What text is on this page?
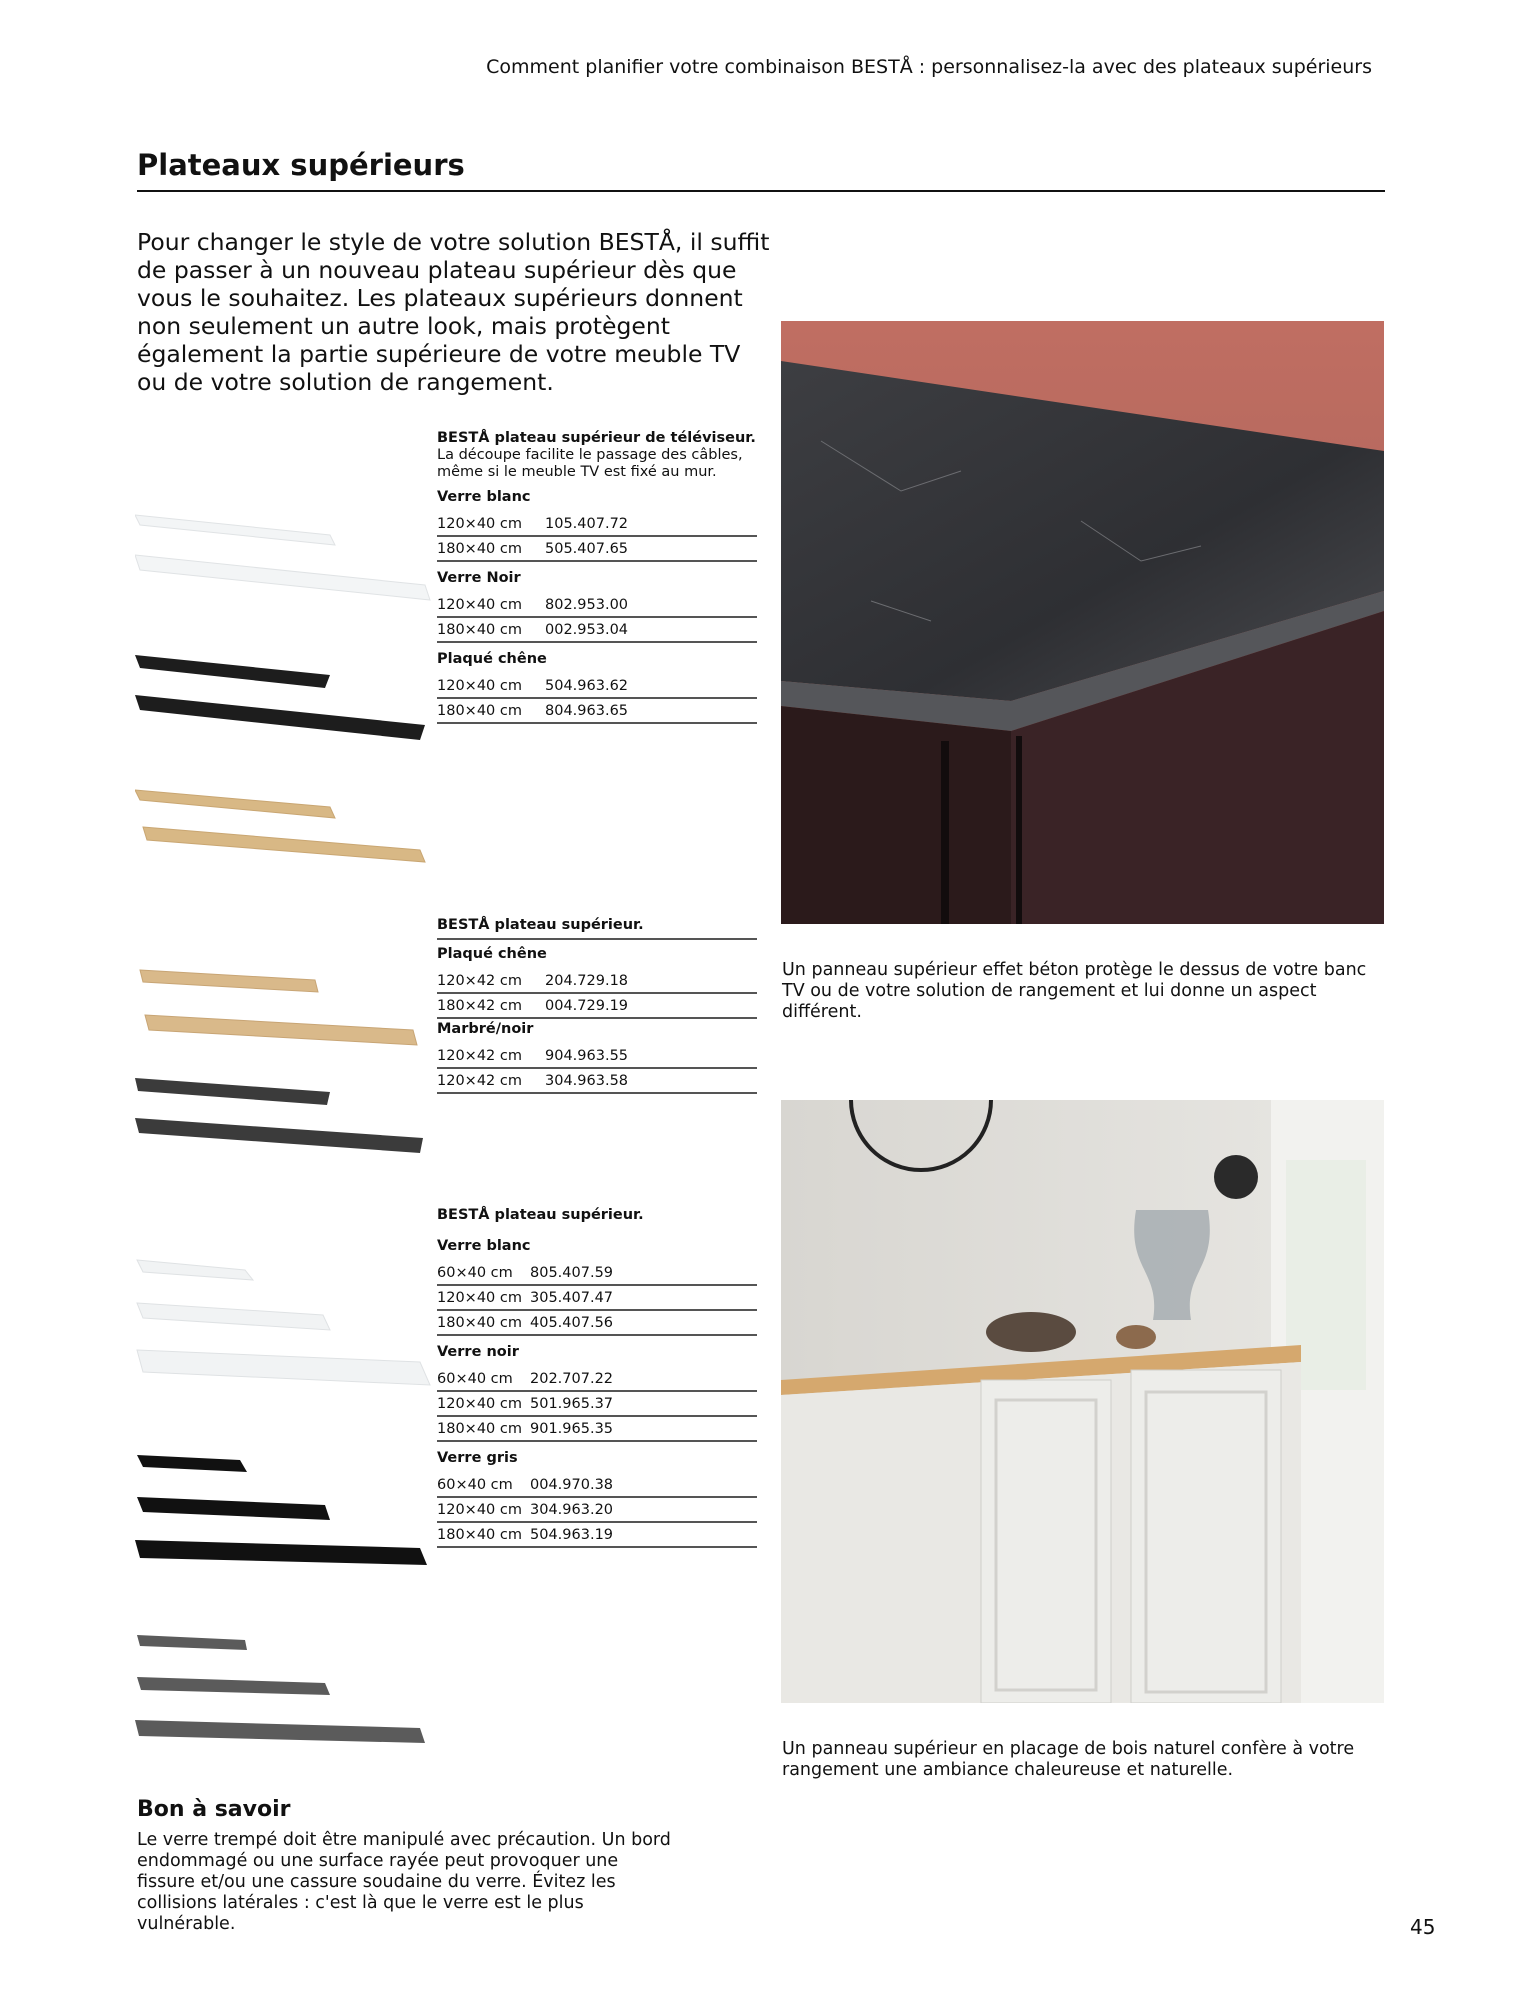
Comment planifier votre combinaison BESTÅ : personnalisez-la avec des plateaux supérieurs
Plateaux supérieurs
Pour changer le style de votre solution BESTÅ, il suffit de passer à un nouveau plateau supérieur dès que vous le souhaitez. Les plateaux supérieurs donnent non seulement un autre look, mais protègent également la partie supérieure de votre meuble TV ou de votre solution de rangement.
BESTÅ plateau supérieur de téléviseur.
La découpe facilite le passage des câbles, même si le meuble TV est fixé au mur.
Verre blanc
120×40 cm	105.407.72
180×40 cm	505.407.65
Verre Noir
120×40 cm	802.953.00
180×40 cm	002.953.04
Plaqué chêne
120×40 cm	504.963.62
180×40 cm	804.963.65
BESTÅ plateau supérieur.
Plaqué chêne
120×42 cm	204.729.18
180×42 cm	004.729.19
Marbré/noir
120×42 cm	904.963.55
120×42 cm	304.963.58
BESTÅ plateau supérieur.
Verre blanc
60×40 cm	805.407.59
120×40 cm 305.407.47
180×40 cm 405.407.56
Verre noir
60×40 cm	202.707.22
120×40 cm 501.965.37
180×40 cm 901.965.35
Verre gris
60×40 cm	004.970.38
120×40 cm 304.963.20
180×40 cm 504.963.19
Un panneau supérieur effet béton protège le dessus de votre banc TV ou de votre solution de rangement et lui donne un aspect différent.
Un panneau supérieur en placage de bois naturel confère à votre rangement une ambiance chaleureuse et naturelle.
Bon à savoir
Le verre trempé doit être manipulé avec précaution. Un bord endommagé ou une surface rayée peut provoquer une fissure et/ou une cassure soudaine du verre. Évitez les collisions latérales : c'est là que le verre est le plus vulnérable.	45
